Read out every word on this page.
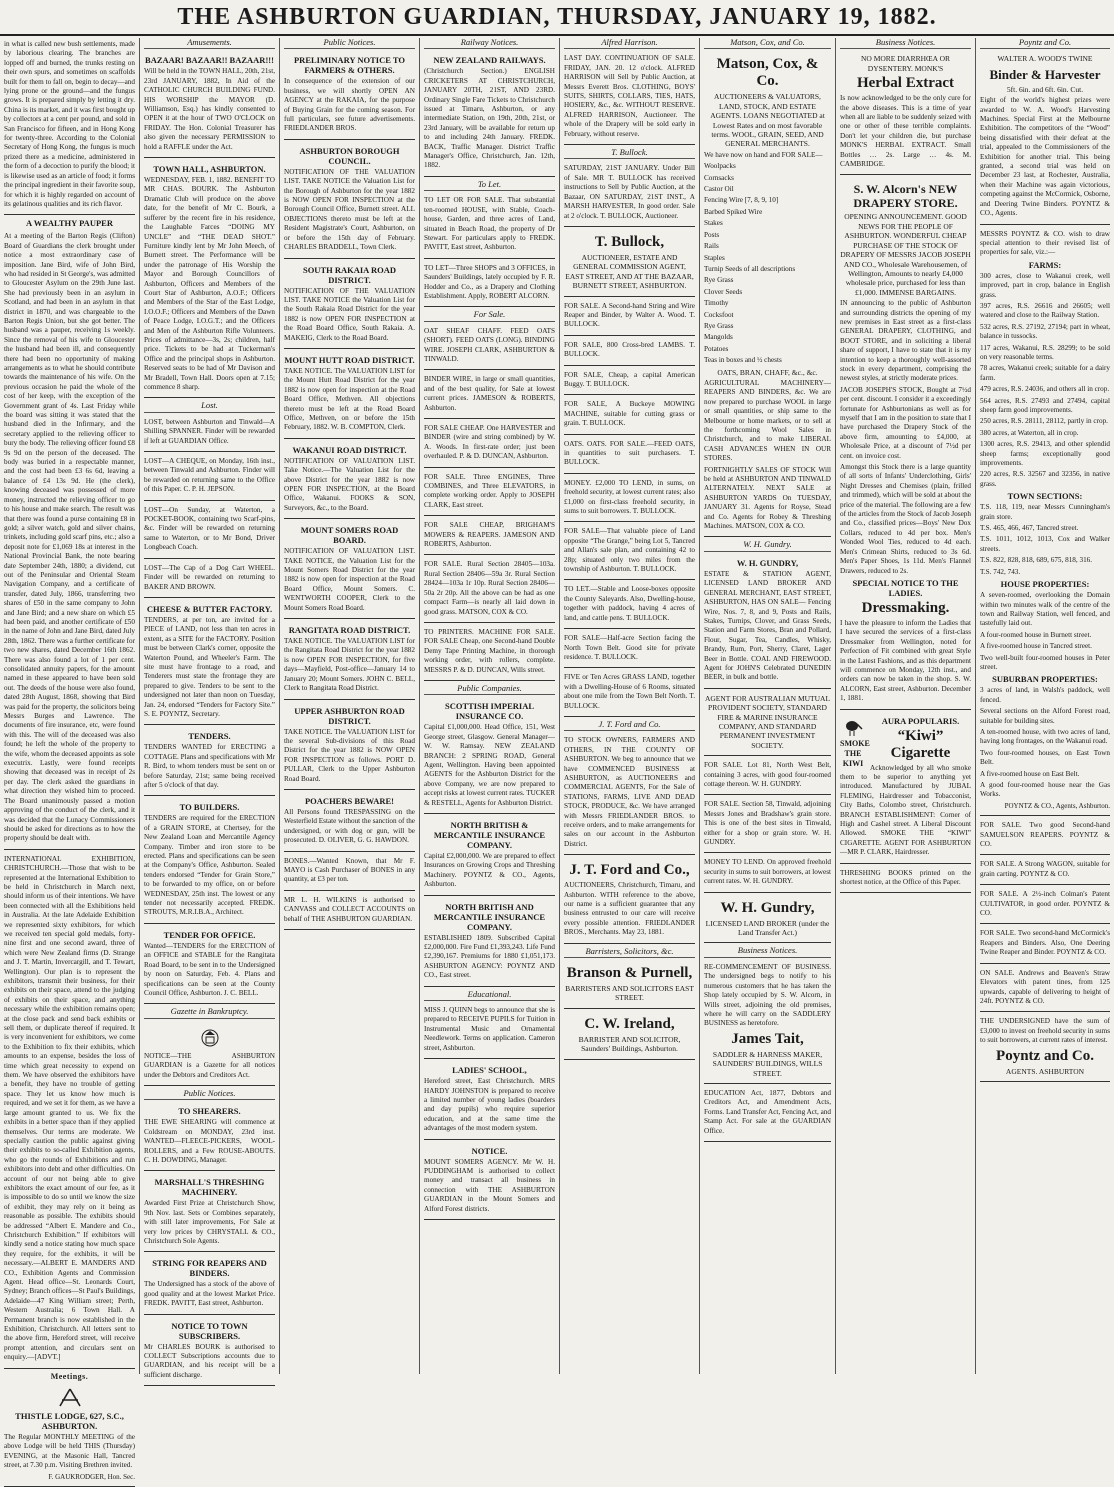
THE ASHBURTON GUARDIAN, THURSDAY, JANUARY 19, 1882.

in what is called new bush settlements, made by laborious clearing. The branches are lopped off and burned, the trunks resting on their own spurs, and sometimes on scaffolds built for them to fall on, begin to decay—and lying prone or the ground—and the fungus grows. It is prepared simply by letting it dry. China is its market, and it was first bought up by collectors at a cent per pound, and sold in San Francisco for fifteen, and in Hong Kong for twenty-three. According to the Colonial Secretary of Hong Kong, the fungus is much prized there as a medicine, administered in the form of a decoction to purify the blood; it is likewise used as an article of food; it forms the principal ingredient in their favorite soup, for which it is highly regarded on account of its gelatinous qualities and its rich flavor.

A WEALTHY PAUPER

At a meeting of the Barton Regis (Clifton) Board of Guardians the clerk brought under notice a most extraordinary case of imposition. Jane Bird, wife of John Bird, who had resided in St George's, was admitted to Gloucester Asylum on the 29th June last. She had previously been in an asylum in Scotland, and had been in an asylum in that district in 1870, and was chargeable to the Barton Regis Union, but she got better. The husband was a pauper, receiving 1s weekly. Since the removal of his wife to Gloucester the husband had been ill, and consequently there had been no opportunity of making arrangements as to what he should contribute towards the maintenance of his wife. On the previous occasion he paid the whole of the cost of her keep, with the exception of the Government grant of 4s. Last Friday while the board was sitting it was stated that the husband died in the Infirmary, and the secretary applied to the relieving officer to bury the body. The relieving officer found £8 9s 9d on the person of the deceased. The body was buried in a respectable manner, and the cost had been £3 6s 6d, leaving a balance of £4 13s 9d. He (the clerk), knowing deceased was possessed of more money, instructed the relieving officer to go to his house and make search. The result was that there was found a purse containing £8 in gold; a silver watch, gold and silver chains, trinkets, including gold scarf pins, etc.; also a deposit note for £1,069 18s at interest in the National Provincial Bank, the note bearing date September 24th, 1880; a dividend, cut out of the Peninsular and Oriental Steam Navigation Company, and a certificate of transfer, dated July, 1866, transferring two shares of £50 in the same company to John and Jane Bird; and a new share on which £5 had been paid, and another certificate of £50 in the name of John and Jane Bird, dated July 28th, 1862. There was a further certificate for two new shares, dated December 16th 1862. There was also found a lot of 1 per cent. consolidated annuity papers, for the amount named in these appeared to have been sold out. The deeds of the house were also found, dated 28th August, 1868, showing that Bird was paid for the property, the solicitors being Messrs Burges and Lawrence. The documents of fire insurance, etc, were found with this. The will of the deceased was also found; he left the whole of the property to the wife, whom the deceased appoints as sole executrix. Lastly, were found receipts showing that deceased was in receipt of 2s per day. The clerk asked the guardians in what direction they wished him to proceed. The Board unanimously passed a motion approving of the conduct of the clerk, and it was decided that the Lunacy Commissioners should be asked for directions as to how the property should be dealt with.

INTERNATIONAL EXHIBITION, CHRISTCHURCH.—Those that wish to be represented at the International Exhibition to be held in Christchurch in March next, should inform us of their intentions. We have been connected with all the Exhibitions held in Australia. At the late Adelaide Exhibition we represented sixty exhibitors, for which we received ten special gold medals, forty-nine first and one second award, three of which were New Zealand firms (D. Strange and J. T. Martin, Invercargill, and T. Tewart, Wellington). Our plan is to represent the exhibitors, transmit their business, for their exhibits on their space, attend to the judging of exhibits on their space, and anything necessary while the exhibition remains open; at the close pack and send back exhibits or sell them, or duplicate thereof if required. It is very inconvenient for exhibitors, we come to the Exhibition to fix their exhibits, which amounts to an expense, besides the loss of time which great necessity to expend on them. We have observed the exhibitors have a benefit, they have no trouble of getting space. They let us know how much is required, and we set it for them, as we have a large amount granted to us. We fix the exhibits in a better space than if they applied themselves. Our terms are moderate. We specially caution the public against giving their exhibits to so-called Exhibition agents, who go the rounds of Exhibitions and run exhibitors into debt and other difficulties. On account of our not being able to give exhibitors the exact amount of our fee, as it is impossible to do so until we know the size of exhibit, they may rely on it being as reasonable as possible. The exhibits should be addressed “Albert E. Mandere and Co., Christchurch Exhibition.” If exhibitors will kindly send a notice stating how much space they require, for the exhibits, it will be necessary.—ALBERT E. MANDERS AND CO., Exhibition Agents and Commission Agent. Head office—St. Leonards Court, Sydney; Branch offices—St Paul's Buildings, Adelaide—47 King William street; Perth, Western Australia; 6 Town Hall. A Permanent branch is now established in the Exhibition, Christchurch. All letters sent to the above firm, Hereford street, will receive prompt attention, and circulars sent on enquiry.—[ADVT.]

Meetings.
THISTLE LODGE, 627, S.C., ASHBURTON.

The Regular MONTHLY MEETING of the above Lodge will be held THIS (Thursday) EVENING, at the Masonic Hall, Tancred street, at 7.30 p.m. Visiting Brethren invited.

F. GAUKRODGER, Hon. Sec.
Amusements.
BAZAAR! BAZAAR!! BAZAAR!!!

Will be held in the TOWN HALL, 20th, 21st, 23rd JANUARY, 1882, In Aid of the CATHOLIC CHURCH BUILDING FUND. HIS WORSHIP the MAYOR (D. Williamson, Esq.) has kindly consented to OPEN it at the hour of TWO O'CLOCK on FRIDAY. The Hon. Colonial Treasurer has also given the necessary PERMISSION to hold a RAFFLE under the Act.

TOWN HALL, ASHBURTON.

WEDNESDAY, FEB. 1, 1882. BENEFIT TO MR CHAS. BOURK. The Ashburton Dramatic Club will produce on the above date, for the benefit of Mr C. Bourk, a sufferer by the recent fire in his residence, the Laughable Farces “DOING MY UNCLE” and “THE DEAD SHOT.” Furniture kindly lent by Mr John Meech, of Burnett street. The Performance will be under the patronage of His Worship the Mayor and Borough Councillors of Ashburton, Officers and Members of the Court Star of Ashburton, A.O.F.; Officers and Members of the Star of the East Lodge, I.O.O.F.; Officers and Members of the Dawn of Peace Lodge, I.O.G.T.; and the Officers and Men of the Ashburton Rifle Volunteers. Prices of admittance—3s, 2s; children, half price. Tickets to be had at Tuckerman's Office and the principal shops in Ashburton. Reserved seats to be had of Mr Davison and Mr Bradell, Town Hall. Doors open at 7.15; commence 8 sharp.

Lost.

LOST, between Ashburton and Tinwald—A Shilling SPANNER. Finder will be rewarded if left at GUARDIAN Office.

LOST—A CHEQUE, on Monday, 16th inst., between Tinwald and Ashburton. Finder will be rewarded on returning same to the Office of this Paper. C. P. H. JEPSON.

LOST—On Sunday, at Waterton, a POCKET-BOOK, containing two Scarf-pins, &c. Finder will be rewarded on returning same to Waterton, or to Mr Bond, Driver Longbeach Coach.

LOST—The Cap of a Dog Cart WHEEL. Finder will be rewarded on returning to BAKER AND BROWN.

CHEESE & BUTTER FACTORY.

TENDERS, at per ton, are invited for a PIECE of LAND, not less than ten acres in extent, as a SITE for the FACTORY. Position must be between Clark's corner, opposite the Waterton Pound, and Wheeler's Farm. The site must have frontage to a road, and Tenderers must state the frontage they are prepared to give. Tenders to be sent to the undersigned not later than noon on Tuesday, Jan. 24, endorsed “Tenders for Factory Site.” S. E. POYNTZ, Secretary.

TENDERS.

TENDERS WANTED for ERECTING a COTTAGE. Plans and specifications with Mr R. Bird, to whom tenders must be sent on or before Saturday, 21st; same being received after 5 o'clock of that day.

TO BUILDERS.

TENDERS are required for the ERECTION of a GRAIN STORE, at Chertsey, for the New Zealand Loan and Mercantile Agency Company. Timber and iron store to be erected. Plans and specifications can be seen at the Company's Office, Ashburton. Sealed tenders endorsed “Tender for Grain Store,” to be forwarded to my office, on or before WEDNESDAY, 25th inst. The lowest or any tender not necessarily accepted. FREDK. STROUTS, M.R.I.B.A., Architect.

TENDER FOR OFFICE.

Wanted—TENDERS for the ERECTION of an OFFICE and STABLE for the Rangitata Road Board, to be sent in to the Undersigned by noon on Saturday, Feb. 4. Plans and specifications can be seen at the County Council Office, Ashburton. J. C. BELL.

Gazette in Bankruptcy.

NOTICE—THE ASHBURTON GUARDIAN is a Gazette for all notices under the Debtors and Creditors Act.

Public Notices.
TO SHEARERS.

THE EWE SHEARING will commence at Coldstream on MONDAY, 23rd inst. WANTED—FLEECE-PICKERS, WOOL-ROLLERS, and a Few ROUSE-ABOUTS. C. H. DOWDING, Manager.

MARSHALL'S THRESHING MACHINERY.

Awarded First Prize at Christchurch Show, 9th Nov. last. Sets or Combines separately, with still later improvements, For Sale at very low prices by CHRYSTALL & CO., Christchurch Sole Agents.

STRING FOR REAPERS AND BINDERS.

The Undersigned has a stock of the above of good quality and at the lowest Market Price. FREDK. PAVITT, East street, Ashburton.

NOTICE TO TOWN SUBSCRIBERS.

Mr CHARLES BOURK is authorised to COLLECT Subscriptions accounts due to GUARDIAN, and his receipt will be a sufficient discharge.

Public Notices.
PRELIMINARY NOTICE TO FARMERS & OTHERS.

In consequence of the extension of our business, we will shortly OPEN AN AGENCY at the RAKAIA, for the purpose of Buying Grain for the coming season. For full particulars, see future advertisements. FRIEDLANDER BROS.

ASHBURTON BOROUGH COUNCIL.

NOTIFICATION OF THE VALUATION LIST. TAKE NOTICE the Valuation List for the Borough of Ashburton for the year 1882 is NOW OPEN FOR INSPECTION at the Borough Council Office, Burnett street. ALL OBJECTIONS thereto must be left at the Resident Magistrate's Court, Ashburton, on or before the 15th day of February. CHARLES BRADDELL, Town Clerk.

SOUTH RAKAIA ROAD DISTRICT.

NOTIFICATION OF THE VALUATION LIST. TAKE NOTICE the Valuation List for the South Rakaia Road District for the year 1882 is now OPEN FOR INSPECTION at the Road Board Office, South Rakaia. A. MAKEIG, Clerk to the Road Board.

MOUNT HUTT ROAD DISTRICT.

TAKE NOTICE. The VALUATION LIST for the Mount Hutt Road District for the year 1882 is now open for inspection at the Road Board Office, Methven. All objections thereto must be left at the Road Board Office, Methven, on or before the 15th February, 1882. W. B. COMPTON, Clerk.

WAKANUI ROAD DISTRICT.

NOTIFICATION OF VALUATION LIST. Take Notice.—The Valuation List for the above District for the year 1882 is now OPEN FOR INSPECTION, at the Board Office, Wakanui. FOOKS & SON, Surveyors, &c., to the Board.

MOUNT SOMERS ROAD BOARD.

NOTIFICATION OF VALUATION LIST. TAKE NOTICE, the Valuation List for the Mount Somers Road District for the year 1882 is now open for inspection at the Road Board Office, Mount Somers. C. WENTWORTH COOPER, Clerk to the Mount Somers Road Board.

RANGITATA ROAD DISTRICT.

TAKE NOTICE. The VALUATION LIST for the Rangitata Road District for the year 1882 is now OPEN FOR INSPECTION, for five days—Mayfield, Post-office—January 14 to January 20; Mount Somers. JOHN C. BELL, Clerk to Rangitata Road District.

UPPER ASHBURTON ROAD DISTRICT.

TAKE NOTICE. The VALUATION LIST for the several Sub-divisions of this Road District for the year 1882 is NOW OPEN FOR INSPECTION as follows. PORT D. PULLAR, Clerk to the Upper Ashburton Road Board.

POACHERS BEWARE!

All Persons found TRESPASSING on the Westerfield Estate without the sanction of the undersigned, or with dog or gun, will be prosecuted. D. OLIVER, G. G. HAWDON.

BONES.—Wanted Known, that Mr F. MAYO is Cash Purchaser of BONES in any quantity, at £3 per ton.

MR L. H. WILKINS is authorised to CANVASS and COLLECT ACCOUNTS on behalf of THE ASHBURTON GUARDIAN.

Railway Notices.
NEW ZEALAND RAILWAYS.

(Christchurch Section.) ENGLISH CRICKETERS AT CHRISTCHURCH, JANUARY 20TH, 21ST, AND 23RD. Ordinary Single Fare Tickets to Christchurch issued at Timaru, Ashburton, or any intermediate Station, on 19th, 20th, 21st, or 23rd January, will be available for return up to and including 24th January. FREDK. BACK, Traffic Manager. District Traffic Manager's Office, Christchurch, Jan. 12th, 1882.

To Let.

TO LET OR FOR SALE. That substantial ten-roomed HOUSE, with Stable, Coach-house, Garden, and three acres of Land, situated in Beach Road, the property of Dr Stewart. For particulars apply to FREDK. PAVITT, East street, Ashburton.

TO LET—Three SHOPS and 3 OFFICES, in Saunders' Buildings, lately occupied by F. R. Hodder and Co., as a Drapery and Clothing Establishment. Apply, ROBERT ALCORN.

For Sale.

OAT SHEAF CHAFF. FEED OATS (SHORT). FEED OATS (LONG). BINDING WIRE. JOSEPH CLARK, ASHBURTON & TINWALD.

BINDER WIRE, in large or small quantities, and of the best quality, for Sale at lowest current prices. JAMESON & ROBERTS, Ashburton.

FOR SALE CHEAP. One HARVESTER and BINDER (wire and string combined) by W. A. Woods. In first-rate order; just been overhauled. P. & D. DUNCAN, Ashburton.

FOR SALE. Three ENGINES, Three COMBINES, and Three ELEVATORS, in complete working order. Apply to JOSEPH CLARK, East street.

FOR SALE CHEAP, BRIGHAM'S MOWERS & REAPERS. JAMESON AND ROBERTS, Ashburton.

FOR SALE. Rural Section 28405—103a. Rural Section 28406—59a 3r. Rural Section 28424—103a 1r 10p. Rural Section 28406—50a 2r 20p. All the above can be had as one compact Farm—is nearly all laid down in good grass. MATSON, COX & CO.

TO PRINTERS. MACHINE FOR SALE. FOR SALE Cheap, one Second-hand Double Demy Tape Printing Machine, in thorough working order, with rollers, complete. MESSRS P. & D. DUNCAN, Wills street.

Public Companies.
SCOTTISH IMPERIAL INSURANCE CO.

Capital £1,000,000. Head Office, 151, West George street, Glasgow. General Manager—W. W. Ramsay. NEW ZEALAND BRANCH: 2 SPRING ROAD, General Agent, Wellington. Having been appointed AGENTS for the Ashburton District for the above Company, we are now prepared to accept risks at lowest current rates. TUCKER & RESTELL, Agents for Ashburton District.

NORTH BRITISH & MERCANTILE INSURANCE COMPANY.

Capital £2,000,000. We are prepared to effect Insurances on Growing Crops and Threshing Machinery. POYNTZ & CO., Agents, Ashburton.

NORTH BRITISH AND MERCANTILE INSURANCE COMPANY.

ESTABLISHED 1809. Subscribed Capital £2,000,000. Fire Fund £1,393,243. Life Fund £2,390,167. Premiums for 1880 £1,051,173. ASHBURTON AGENCY: POYNTZ AND CO., East street.

Educational.

MISS J. QUINN begs to announce that she is prepared to RECEIVE PUPILS for Tuition in Instrumental Music and Ornamental Needlework. Terms on application. Cameron street, Ashburton.

LADIES' SCHOOL,

Hereford street, East Christchurch. MRS HARDY JOHNSTON is prepared to receive a limited number of young ladies (boarders and day pupils) who require superior education, and at the same time the advantages of the most modern system.

NOTICE.

MOUNT SOMERS AGENCY. Mr W. H. PUDDINGHAM is authorised to collect money and transact all business in connection with THE ASHBURTON GUARDIAN in the Mount Somers and Alford Forest districts.

Alfred Harrison.

LAST DAY. CONTINUATION OF SALE. FRIDAY, JAN. 20. 12 o'clock. ALFRED HARRISON will Sell by Public Auction, at Messrs Everett Bros. CLOTHING, BOYS' SUITS, SHIRTS, COLLARS, TIES, HATS, HOSIERY, &c., &c. WITHOUT RESERVE. ALFRED HARRISON, Auctioneer. The whole of the Drapery will be sold early in February, without reserve.

T. Bullock.

SATURDAY, 21ST JANUARY. Under Bill of Sale. MR T. BULLOCK has received instructions to Sell by Public Auction, at the Bazaar, ON SATURDAY, 21ST INST., A MARSH HARVESTER, In good order. Sale at 2 o'clock. T. BULLOCK, Auctioneer.

T. Bullock,

AUCTIONEER, ESTATE AND GENERAL COMMISSION AGENT, EAST STREET, AND AT THE BAZAAR, BURNETT STREET, ASHBURTON.

FOR SALE. A Second-hand String and Wire Reaper and Binder, by Walter A. Wood. T. BULLOCK.

FOR SALE, 800 Cross-bred LAMBS. T. BULLOCK.

FOR SALE, Cheap, a capital American Buggy. T. BULLOCK.

FOR SALE, A Buckeye MOWING MACHINE, suitable for cutting grass or grain. T. BULLOCK.

OATS. OATS. FOR SALE.—FEED OATS, in quantities to suit purchasers. T. BULLOCK.

MONEY. £2,000 TO LEND, in sums, on freehold security, at lowest current rates; also £1,000 on first-class freehold security, in sums to suit borrowers. T. BULLOCK.

FOR SALE—That valuable piece of Land opposite “The Grange,” being Lot 5, Tancred and Allan's sale plan, and containing 42 to 28p; situated only two miles from the township of Ashburton. T. BULLOCK.

TO LET.—Stable and Loose-boxes opposite the County Saleyards. Also, Dwelling-house, together with paddock, having 4 acres of land, and cattle pens. T. BULLOCK.

FOR SALE—Half-acre Section facing the North Town Belt. Good site for private residence. T. BULLOCK.

FIVE or Ten Acres GRASS LAND, together with a Dwelling-House of 6 Rooms, situated about one mile from the Town Belt North. T. BULLOCK.

J. T. Ford and Co.

TO STOCK OWNERS, FARMERS AND OTHERS, IN THE COUNTY OF ASHBURTON. We beg to announce that we have COMMENCED BUSINESS at ASHBURTON, as AUCTIONEERS and COMMERCIAL AGENTS, For the Sale of STATIONS, FARMS, LIVE AND DEAD STOCK, PRODUCE, &c. We have arranged with Messrs FRIEDLANDER BROS. to receive orders, and to make arrangements for sales on our account in the Ashburton District.

J. T. Ford and Co.,

AUCTIONEERS, Christchurch, Timaru, and Ashburton. WITH reference to the above, our name is a sufficient guarantee that any business entrusted to our care will receive every possible attention. FRIEDLANDER BROS., Merchants. May 23, 1881.

Barristers, Solicitors, &c.
Branson & Purnell,

BARRISTERS AND SOLICITORS EAST STREET.

C. W. Ireland,

BARRISTER AND SOLICITOR, Saunders' Buildings, Ashburton.

Matson, Cox, and Co.
Matson, Cox, & Co.

AUCTIONEERS & VALUATORS, LAND, STOCK, AND ESTATE AGENTS. LOANS NEGOTIATED at Lowest Rates and on most favorable terms. WOOL, GRAIN, SEED, AND GENERAL MERCHANTS.

We have now on hand and FOR SALE—

Woolpacks
Cornsacks
Castor Oil
Fencing Wire [7, 8, 9, 10]
Barbed Spiked Wire
Stakes
Posts
Rails
Staples
Turnip Seeds of all descriptions
Rye Grass
Clover Seeds
Timothy
Cocksfoot
Rye Grass
Mangolds
Potatoes
Teas in boxes and ½ chests

OATS, BRAN, CHAFF, &c., &c.

AGRICULTURAL MACHINERY—REAPERS AND BINDERS, &c. We are now prepared to purchase WOOL in large or small quantities, or ship same to the Melbourne or home markets, or to sell at the forthcoming Wool Sales in Christchurch, and to make LIBERAL CASH ADVANCES WHEN IN OUR STORES.

FORTNIGHTLY SALES OF STOCK Will be held at ASHBURTON AND TINWALD ALTERNATELY. NEXT SALE at ASHBURTON YARDS On TUESDAY, JANUARY 31. Agents for Royse, Stead and Co. Agents for Robey & Threshing Machines. MATSON, COX & CO.

W. H. Gundry.
W. H. GUNDRY,

ESTATE & STATION AGENT, LICENSED LAND BROKER AND GENERAL MERCHANT, EAST STREET, ASHBURTON, HAS ON SALE— Fencing Wire, Nos. 7, 8, and 9, Posts and Rails, Stakes, Turnips, Clover, and Grass Seeds, Station and Farm Stores, Bran and Pollard, Flour, Sugar, Tea, Candles, Whisky, Brandy, Rum, Port, Sherry, Claret, Lager Beer in Bottle. COAL AND FIREWOOD. Agent for JOHN'S Celebrated DUNEDIN BEER, in bulk and bottle.

AGENT FOR AUSTRALIAN MUTUAL PROVIDENT SOCIETY, STANDARD FIRE & MARINE INSURANCE COMPANY, AND STANDARD PERMANENT INVESTMENT SOCIETY.

FOR SALE. Lot 81, North West Belt, containing 3 acres, with good four-roomed cottage thereon. W. H. GUNDRY.

FOR SALE. Section 58, Tinwald, adjoining Messrs Jones and Bradshaw's grain store. This is one of the best sites in Tinwald, either for a shop or grain store. W. H. GUNDRY.

MONEY TO LEND. On approved freehold security in sums to suit borrowers, at lowest current rates. W. H. GUNDRY.

W. H. Gundry,

LICENSED LAND BROKER (under the Land Transfer Act.)

Business Notices.

RE-COMMENCEMENT OF BUSINESS. The undersigned begs to notify to his numerous customers that he has taken the Shop lately occupied by S. W. Alcorn, in Wills street, adjoining the old premises, where he will carry on the SADDLERY BUSINESS as heretofore.

James Tait,

SADDLER & HARNESS MAKER, SAUNDERS' BUILDINGS, WILLS STREET.

EDUCATION Act, 1877, Debtors and Creditors Act, and Amendment Acts, Forms. Land Transfer Act, Fencing Act, and Stamp Act. For sale at the GUARDIAN Office.

Business Notices.

NO MORE DIARRHŒA OR DYSENTERY. MONK'S

Herbal Extract

Is now acknowledged to be the only cure for the above diseases. This is a time of year when all are liable to be suddenly seized with one or other of these terrible complaints. Don't let your children die, but purchase MONK'S HERBAL EXTRACT. Small Bottles … 2s. Large … 4s. M. CAMBRIDGE.

S. W. Alcorn's NEW DRAPERY STORE.

OPENING ANNOUNCEMENT. GOOD NEWS FOR THE PEOPLE OF ASHBURTON. WONDERFUL CHEAP PURCHASE OF THE STOCK OF DRAPERY OF MESSRS JACOB JOSEPH AND CO., Wholesale Warehousemen, of Wellington, Amounts to nearly £4,000 wholesale price, purchased for less than £1,000. IMMENSE BARGAINS.

IN announcing to the public of Ashburton and surrounding districts the opening of my new premises in East street as a first-class GENERAL DRAPERY, CLOTHING, and BOOT STORE, and in soliciting a liberal share of support, I have to state that it is my intention to keep a thoroughly well-assorted stock in every department, comprising the newest styles, at strictly moderate prices.

JACOB JOSEPH'S STOCK, Bought at 7½d per cent. discount. I consider it a exceedingly fortunate for Ashburtonians as well as for myself that I am in the position to state that I have purchased the Drapery Stock of the above firm, amounting to £4,000, at Wholesale Price, at a discount of 7½d per cent. on invoice cost.

Amongst this Stock there is a large quantity of all sorts of Infants' Underclothing, Girls' Night Dresses and Chemises (plain, frilled and trimmed), which will be sold at about the price of the material. The following are a few of the articles from the Stock of Jacob Joseph and Co., classified prices—Boys' New Dox Collars, reduced to 4d per box. Men's Wonded Wool Ties, reduced to 4d each. Men's Crimean Shirts, reduced to 3s 6d. Men's Paper Shoes, 1s 11d. Men's Flannel Drawers, reduced to 2s.

SPECIAL NOTICE TO THE LADIES.
Dressmaking.

I have the pleasure to inform the Ladies that I have secured the services of a first-class Dressmaker from Wellington, noted for Perfection of Fit combined with great Style in the Latest Fashions, and as this department will commence on Monday, 12th inst., and orders can now be taken in the shop. S. W. ALCORN, East street, Ashburton. December 1, 1881.

SMOKE
THE
KIWI
AURA POPULARIS.
“Kiwi” Cigarette

Acknowledged by all who smoke them to be superior to anything yet introduced. Manufactured by JUBAL FLEMING, Hairdresser and Tobacconist, City Baths, Colombo street, Christchurch. BRANCH ESTABLISHMENT: Corner of High and Cashel street. A Liberal Discount Allowed. SMOKE THE “KIWI” CIGARETTE. AGENT FOR ASHBURTON—MR P. CLARK, Hairdresser.

THRESHING BOOKS printed on the shortest notice, at the Office of this Paper.

Poyntz and Co.

WALTER A. WOOD'S TWINE

Binder & Harvester

5ft. 6in. and 6ft. 6in. Cut.

Eight of the world's highest prizes were awarded to W. A. Wood's Harvesting Machines. Special First at the Melbourne Exhibition. The competitors of the “Wood” being dissatisfied with their defeat at the trial, appealed to the Commissioners of the Exhibition for another trial. This being granted, a second trial was held on December 23 last, at Rochester, Australia, when their Machine was again victorious, competing against the McCormick, Osborne, and Deering Twine Binders. POYNTZ & CO., Agents.

MESSRS POYNTZ & CO. wish to draw special attention to their revised list of properties for sale, viz.:—

FARMS:
300 acres, close to Wakanui creek, well improved, part in crop, balance in English grass.
397 acres, R.S. 26616 and 26605; well watered and close to the Railway Station.
532 acres, R.S. 27192, 27194; part in wheat, balance in tussocks.
117 acres, Wakanui, R.S. 28299; to be sold on very reasonable terms.
78 acres, Wakanui creek; suitable for a dairy farm.
479 acres, R.S. 24036, and others all in crop.
564 acres, R.S. 27493 and 27494, capital sheep farm good improvements.
250 acres, R.S. 28111, 28112, partly in crop.
380 acres, at Waterton, all in crop.
1300 acres, R.S. 29413, and other splendid sheep farms; exceptionally good improvements.
220 acres, R.S. 32567 and 32356, in native grass.
TOWN SECTIONS:
T.S. 118, 119, near Messrs Cunningham's grain store.
T.S. 465, 466, 467, Tancred street.
T.S. 1011, 1012, 1013, Cox and Walker streets.
T.S. 822, 828, 818, 689, 675, 818, 316.
T.S. 742, 743.
HOUSE PROPERTIES:
A seven-roomed, overlooking the Domain within two minutes walk of the centre of the town and Railway Station, well fenced, and tastefully laid out.
A four-roomed house in Burnett street.
A five-roomed house in Tancred street.
Two well-built four-roomed houses in Peter street.
SUBURBAN PROPERTIES:
3 acres of land, in Walsh's paddock, well fenced.
Several sections on the Alford Forest road, suitable for building sites.
A ten-roomed house, with two acres of land, having long frontages, on the Wakanui road.
Two four-roomed houses, on East Town Belt.
A five-roomed house on East Belt.
A good four-roomed house near the Gas Works.
POYNTZ & CO., Agents, Ashburton.

FOR SALE. Two good Second-hand SAMUELSON REAPERS. POYNTZ & CO.

FOR SALE. A Strong WAGON, suitable for grain carting. POYNTZ & CO.

FOR SALE. A 2½-inch Colman's Patent CULTIVATOR, in good order. POYNTZ & CO.

FOR SALE. Two second-hand McCormick's Reapers and Binders. Also, One Deering Twine Reaper and Binder. POYNTZ & CO.

ON SALE. Andrews and Beaven's Straw Elevators with patent tines, from 125 upwards, capable of delivering to height of 24ft. POYNTZ & CO.

THE UNDERSIGNED have the sum of £3,000 to invest on freehold security in sums to suit borrowers, at current rates of interest.

Poyntz and Co.

AGENTS. ASHBURTON
